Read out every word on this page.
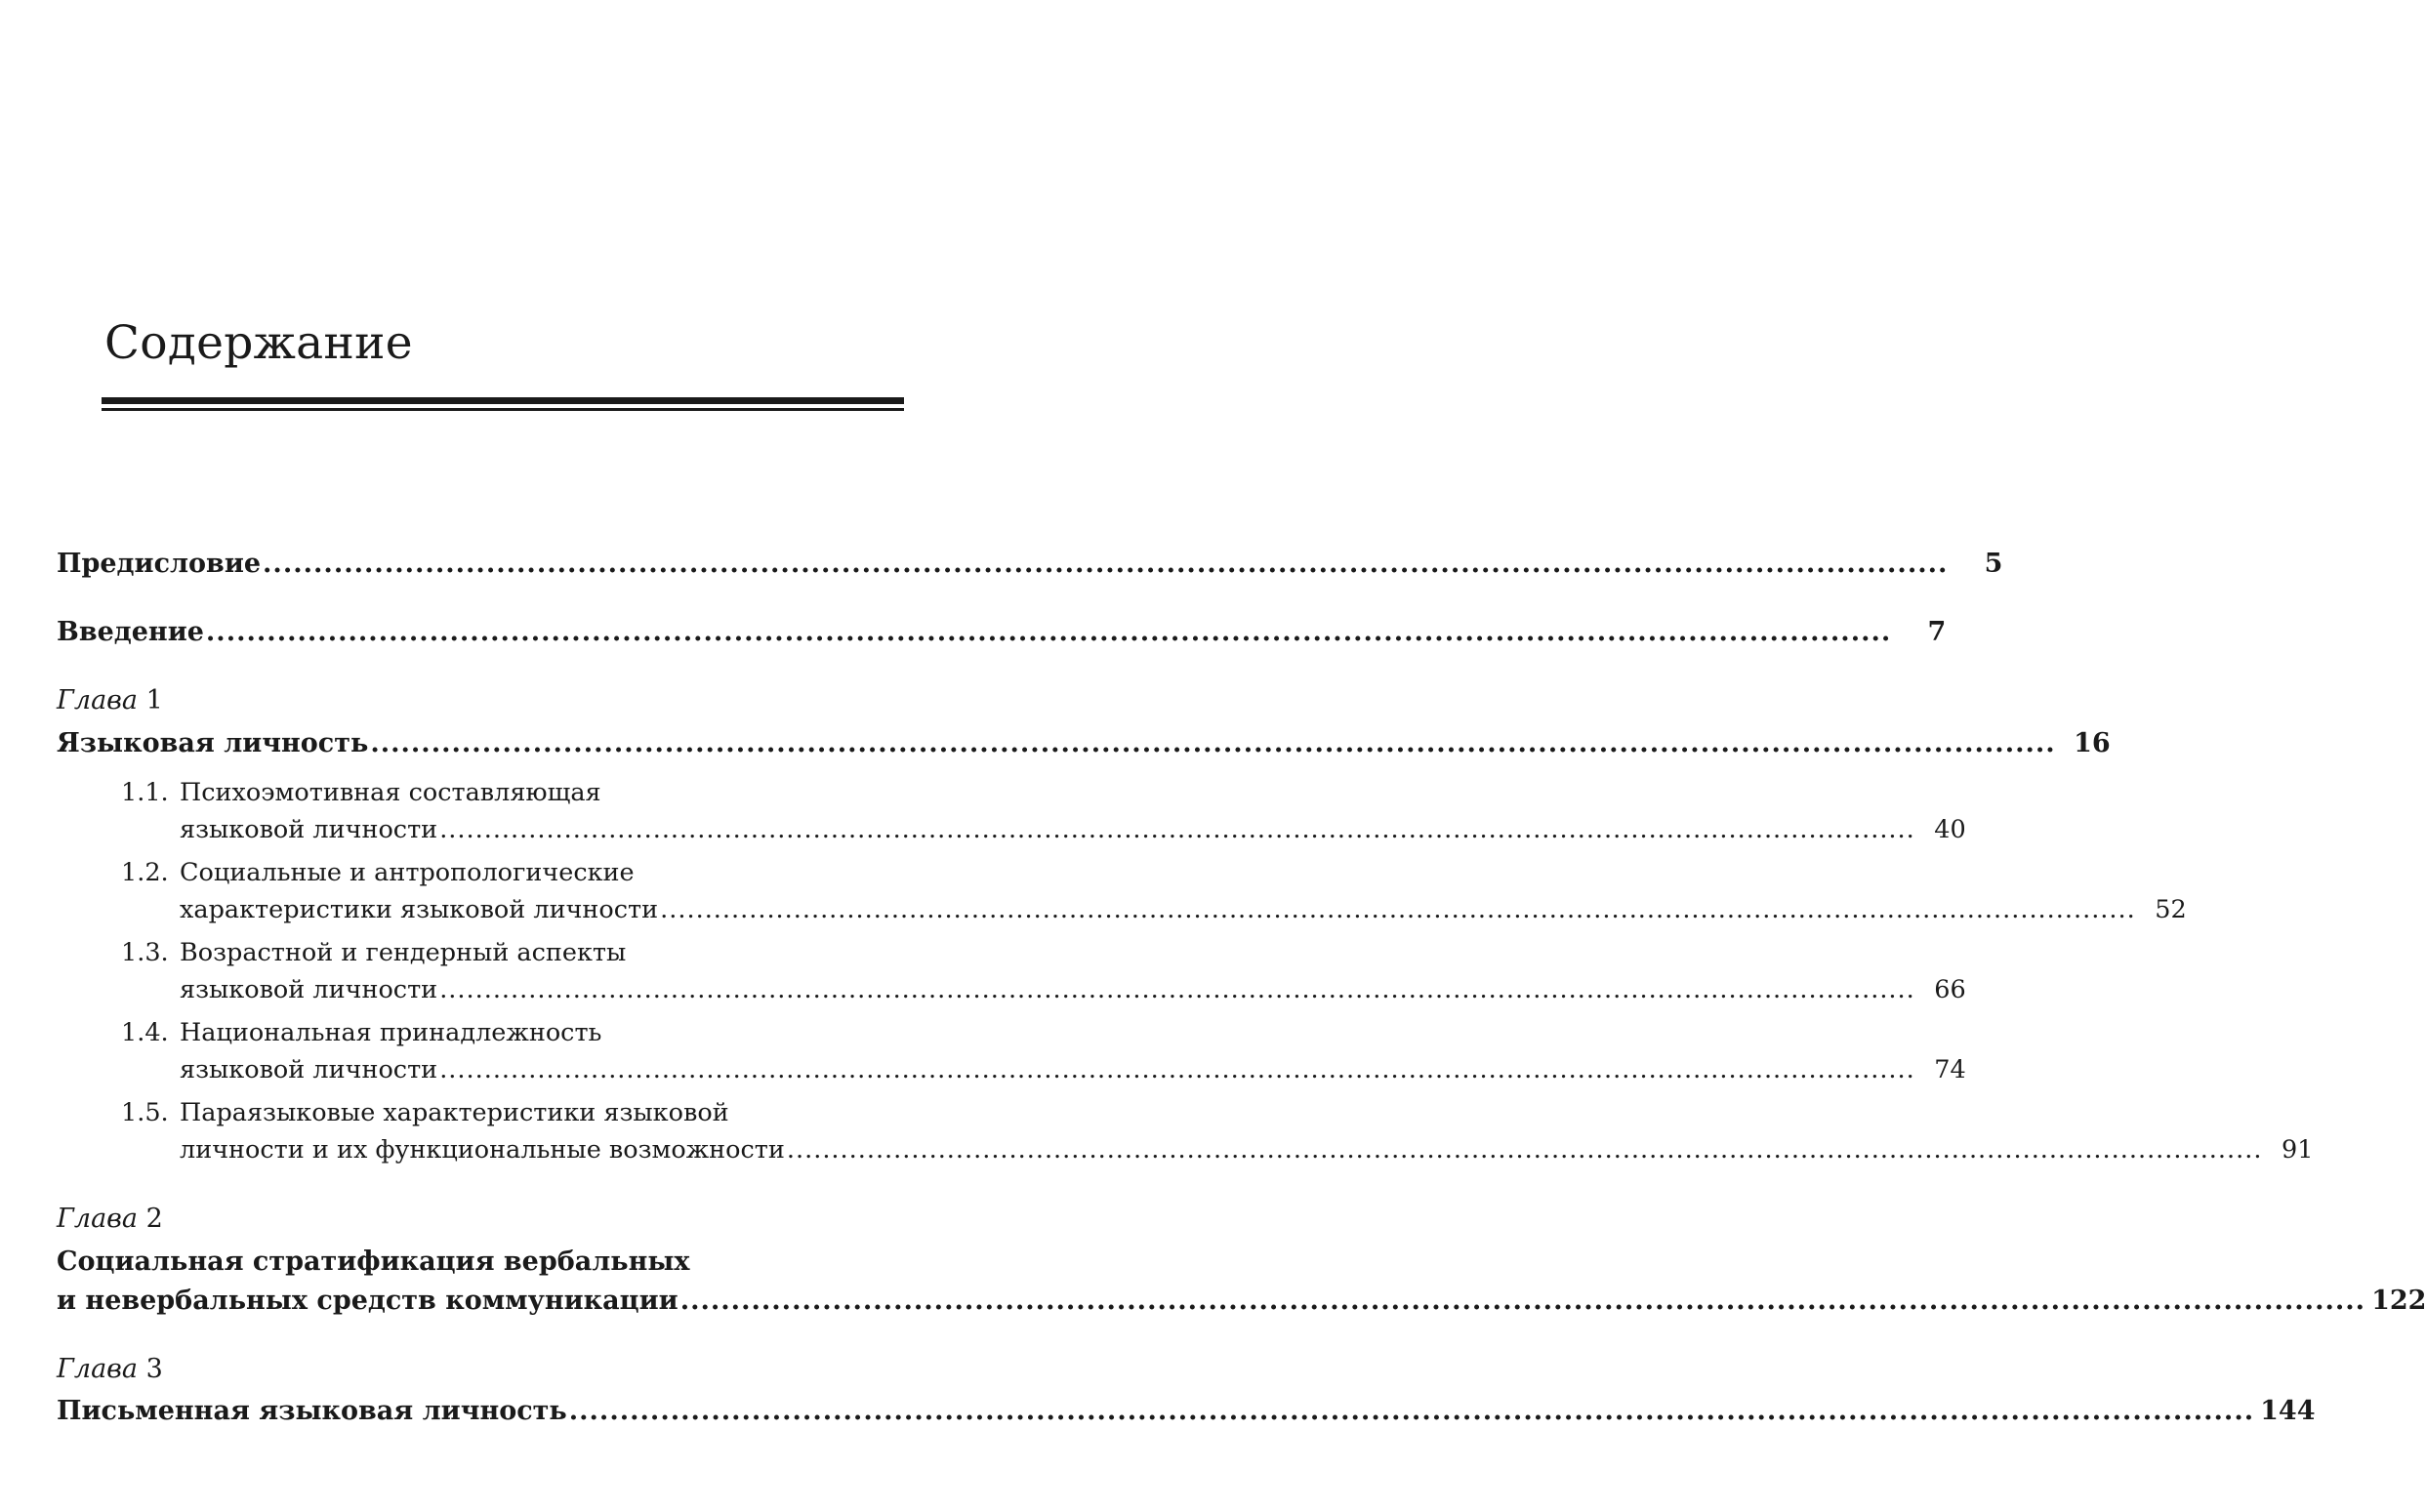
Содержание
Предисловие ......................................................................................................................................................................	5
Введение ......................................................................................................................................................................	7
Глава 1
Языковая личность ...................................................................................................................................................................... 16
1.1. Психоэмотивная составляющая
языковой личности ...................................................................................................................................................................... 40
1.2. Социальные и антропологические
характеристики языковой личности ...................................................................................................................................................................... 52
1.3. Возрастной и гендерный аспекты
языковой личности ...................................................................................................................................................................... 66
1.4. Национальная принадлежность
языковой личности ...................................................................................................................................................................... 74
1.5. Параязыковые характеристики языковой
личности и их функциональные возможности ...................................................................................................................................................................... 91
Глава 2
Социальная стратификация вербальных
и невербальных средств коммуникации ...................................................................................................................................................................... 122
Глава 3
Письменная языковая личность ...................................................................................................................................................................... 144
